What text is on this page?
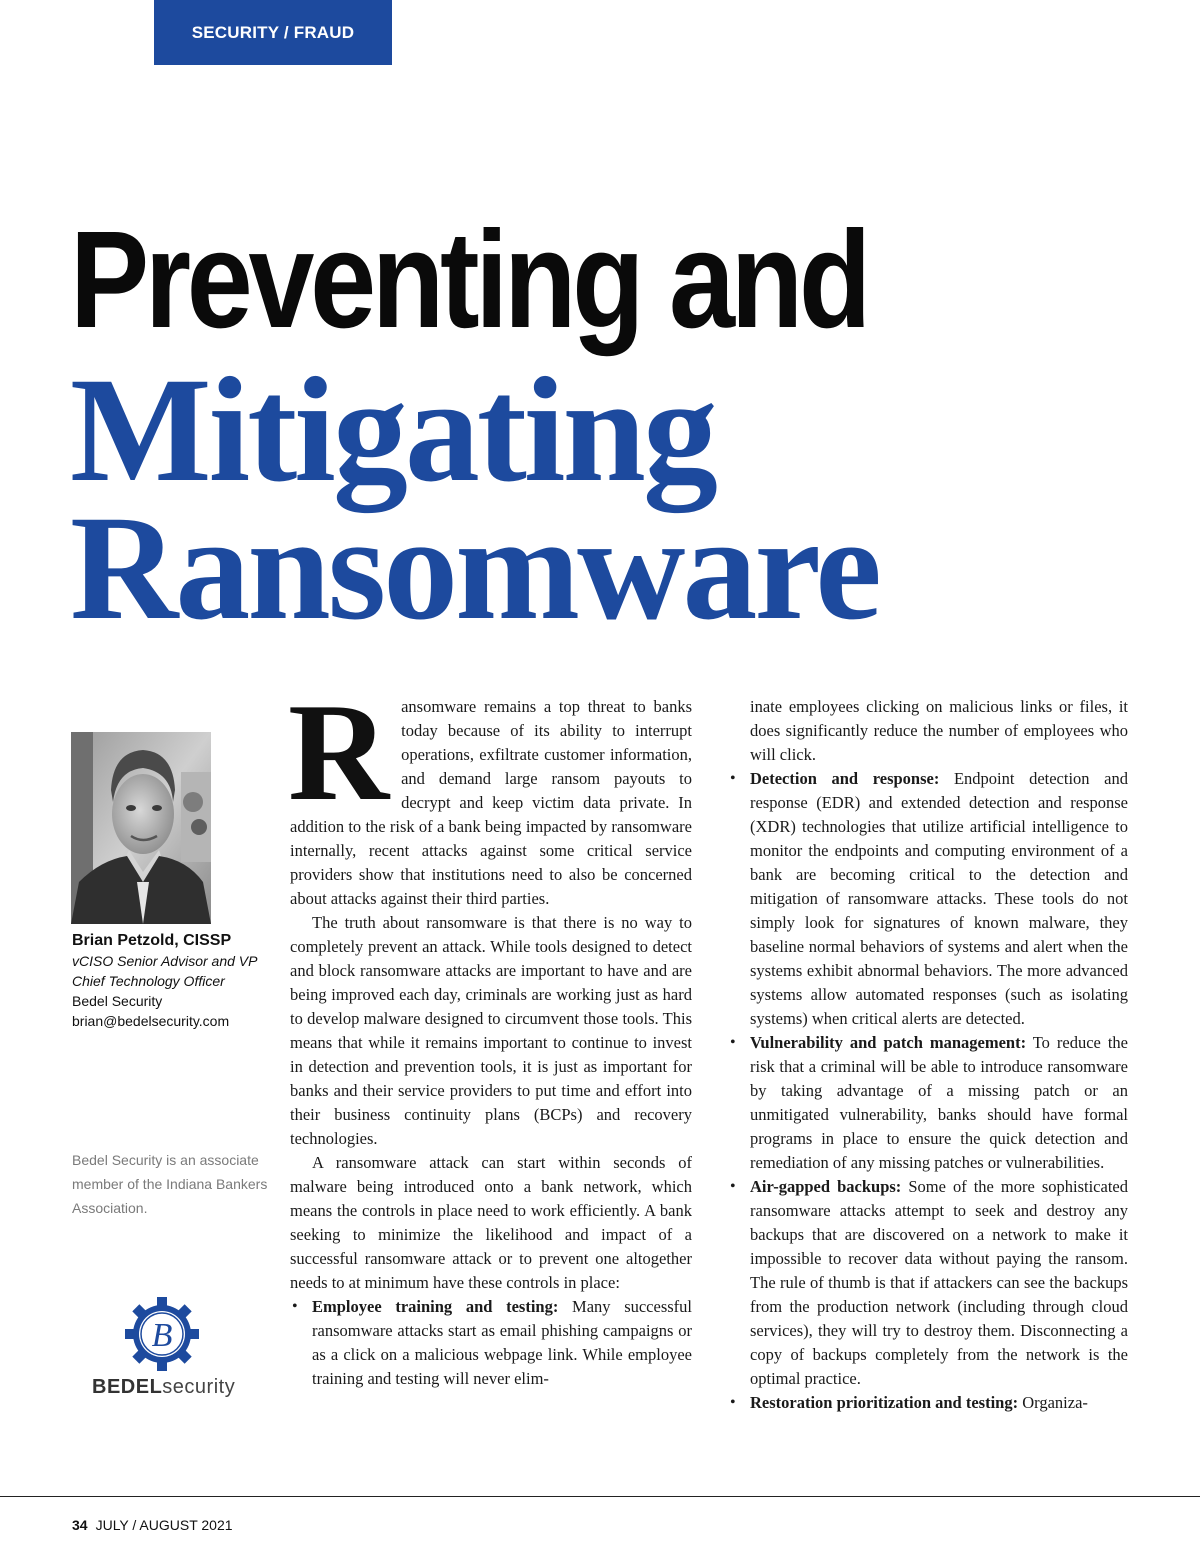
SECURITY / FRAUD
Preventing and
Mitigating
Ransomware
Brian Petzold, CISSP
vCISO Senior Advisor and VP
Chief Technology Officer
Bedel Security
brian@bedelsecurity.com
Bedel Security is an associate member of the Indiana Bankers Association.
B
BEDELsecurity
R ansomware remains a top threat to banks today because of its ability to interrupt operations, exfiltrate customer information, and demand large ransom payouts to decrypt and keep victim data private. In addition to the risk of a bank being impacted by ransomware internally, recent attacks against some critical service providers show that institutions need to also be concerned about attacks against their third parties.

The truth about ransomware is that there is no way to completely prevent an attack. While tools designed to detect and block ransomware attacks are important to have and are being improved each day, criminals are working just as hard to develop malware designed to circumvent those tools. This means that while it remains important to continue to invest in detection and prevention tools, it is just as important for banks and their service providers to put time and effort into their business continuity plans (BCPs) and recovery technologies.

A ransomware attack can start within seconds of malware being introduced onto a bank network, which means the controls in place need to work efficiently. A bank seeking to minimize the likelihood and impact of a successful ransomware attack or to prevent one altogether needs to at minimum have these controls in place:

• Employee training and testing: Many successful ransomware attacks start as email phishing campaigns or as a click on a malicious webpage link. While employee training and testing will never elim-
inate employees clicking on malicious links or files, it does significantly reduce the number of employees who will click.
• Detection and response: Endpoint detection and response (EDR) and extended detection and response (XDR) technologies that utilize artificial intelligence to monitor the endpoints and computing environment of a bank are becoming critical to the detection and mitigation of ransomware attacks. These tools do not simply look for signatures of known malware, they baseline normal behaviors of systems and alert when the systems exhibit abnormal behaviors. The more advanced systems allow automated responses (such as isolating systems) when critical alerts are detected.
• Vulnerability and patch management: To reduce the risk that a criminal will be able to introduce ransomware by taking advantage of a missing patch or an unmitigated vulnerability, banks should have formal programs in place to ensure the quick detection and remediation of any missing patches or vulnerabilities.
• Air-gapped backups: Some of the more sophisticated ransomware attacks attempt to seek and destroy any backups that are discovered on a network to make it impossible to recover data without paying the ransom. The rule of thumb is that if attackers can see the backups from the production network (including through cloud services), they will try to destroy them. Disconnecting a copy of backups completely from the network is the optimal practice.
• Restoration prioritization and testing: Organiza-
34 JULY / AUGUST 2021
